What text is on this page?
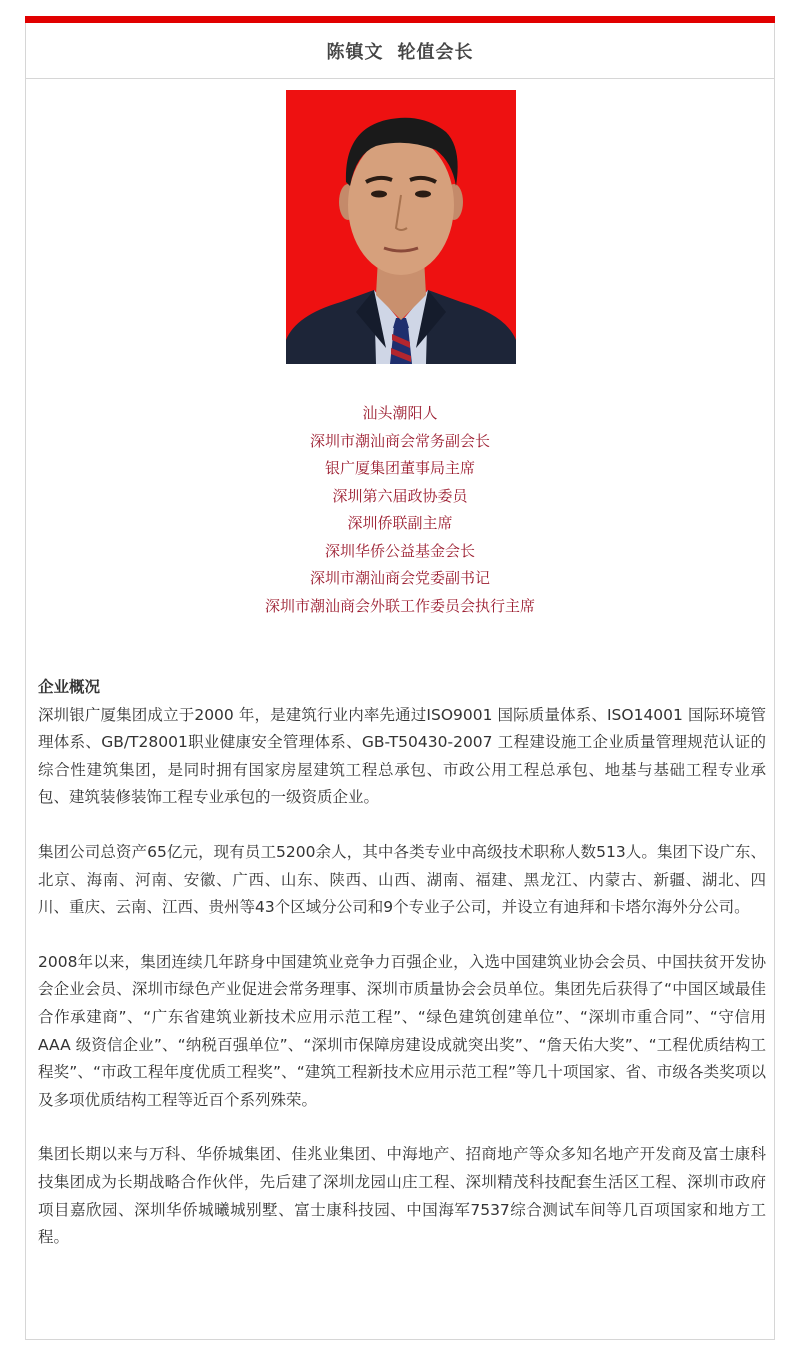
陈镇文 轮值会长
汕头潮阳人
深圳市潮汕商会常务副会长
银广厦集团董事局主席
深圳第六届政协委员
深圳侨联副主席
深圳华侨公益基金会长
深圳市潮汕商会党委副书记
深圳市潮汕商会外联工作委员会执行主席
企业概况

深圳银广厦集团成立于2000 年，是建筑行业内率先通过ISO9001 国际质量体系、ISO14001 国际环境管理体系、GB/T28001职业健康安全管理体系、GB-T50430-2007 工程建设施工企业质量管理规范认证的综合性建筑集团，是同时拥有国家房屋建筑工程总承包、市政公用工程总承包、地基与基础工程专业承包、建筑装修装饰工程专业承包的一级资质企业。

集团公司总资产65亿元，现有员工5200余人，其中各类专业中高级技术职称人数513人。集团下设广东、北京、海南、河南、安徽、广西、山东、陕西、山西、湖南、福建、黑龙江、内蒙古、新疆、湖北、四川、重庆、云南、江西、贵州等43个区域分公司和9个专业子公司，并设立有迪拜和卡塔尔海外分公司。

2008年以来，集团连续几年跻身中国建筑业竞争力百强企业，入选中国建筑业协会会员、中国扶贫开发协会企业会员、深圳市绿色产业促进会常务理事、深圳市质量协会会员单位。集团先后获得了“中国区域最佳合作承建商”、“广东省建筑业新技术应用示范工程”、“绿色建筑创建单位”、“深圳市重合同”、“守信用AAA 级资信企业”、“纳税百强单位”、“深圳市保障房建设成就突出奖”、“詹天佑大奖”、“工程优质结构工程奖”、“市政工程年度优质工程奖”、“建筑工程新技术应用示范工程”等几十项国家、省、市级各类奖项以及多项优质结构工程等近百个系列殊荣。

集团长期以来与万科、华侨城集团、佳兆业集团、中海地产、招商地产等众多知名地产开发商及富士康科技集团成为长期战略合作伙伴，先后建了深圳龙园山庄工程、深圳精茂科技配套生活区工程、深圳市政府项目嘉欣园、深圳华侨城曦城别墅、富士康科技园、中国海军7537综合测试车间等几百项国家和地方工程。
